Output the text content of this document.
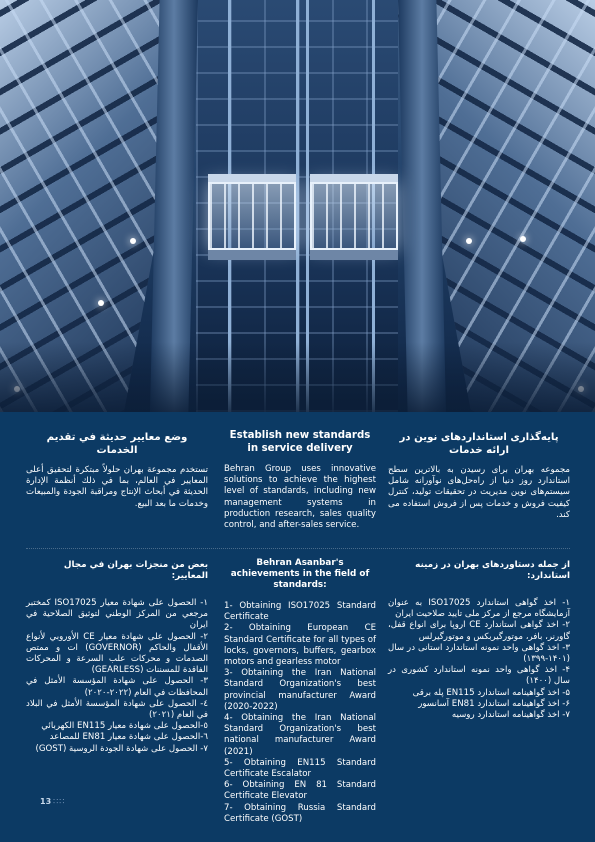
پایه‌گذاری استانداردهای نوین در ارائه خدمات

مجموعه بهران برای رسیدن به بالاترین سطح استاندارد روز دنیا از راه‌حل‌های نوآورانه شامل سیستم‌های نوین مدیریت در تحقیقات تولید، کنترل کیفیت فروش و خدمات پس از فروش استفاده می کند.

Establish new standards in service delivery

Behran Group uses innovative solutions to achieve the highest level of standards, including new management systems in production research, sales quality control, and after-sales service.

وضع معايير حديثة في تقديم الخدمات

تستخدم مجموعة بهران حلولاً مبتكرة لتحقيق أعلى المعايير في العالم، بما في ذلك أنظمة الإدارة الحديثة في أبحاث الإنتاج ومراقبة الجودة والمبيعات وخدمات ما بعد البيع.

از جمله دستاوردهای بهران در زمینه استاندارد:
۱- اخذ گواهی استاندارد ISO17025 به عنوان آزمایشگاه مرجع از مرکز ملی تایید صلاحیت ایران
۲- اخذ گواهی استاندارد CE اروپا برای انواع قفل، گاورنر، بافر، موتورگیربکس و موتورگیرلس
۳- اخذ گواهی واحد نمونه استاندارد استانی در سال (۱۴۰۱-۱۳۹۹)
۴- اخذ گواهی واحد نمونه استاندارد کشوری در سال (۱۴۰۰)
۵- اخذ گواهینامه استاندارد EN115 پله برقی
۶- اخذ گواهینامه استاندارد EN81 آسانسور
۷- اخذ گواهینامه استاندارد روسیه
Behran Asanbar's achievements in the field of standards:
1- Obtaining ISO17025 Standard Certificate
2- Obtaining European CE Standard Certificate for all types of locks, governors, buffers, gearbox motors and gearless motor
3- Obtaining the Iran National Standard Organization's best provincial manufacturer Award (2020-2022)
4- Obtaining the Iran National Standard Organization's best national manufacturer Award (2021)
5- Obtaining EN115 Standard Certificate Escalator
6- Obtaining EN 81 Standard Certificate Elevator
7- Obtaining Russia Standard Certificate (GOST)
بعض من منجزات بهران في مجال المعايير:
١- الحصول على شهادة معيار ISO17025 كمختبر مرجعي من المركز الوطني لتوثيق الصلاحية في ايران
٢- الحصول على شهادة معيار CE الأوروبي لأنواع الأقفال والحاكم (GOVERNOR) ات و ممتص الصدمات و محركات علب السرعة و المحركات الفاقدة للمسننات (GEARLESS)
٣- الحصول على شهادة المؤسسة الأمثل في المحافظات في العام (٢٠٢٢-٢٠٢٠)
٤- الحصول على شهادة المؤسسة الأمثل في البلاد في العام (٢٠٢١)
٥-الحصول على شهادة معيار EN115 الكهربائي
٦-الحصول على شهادة معيار EN81 للمصاعد
٧- الحصول على شهادة الجودة الروسية (GOST)
13 ∷∷
